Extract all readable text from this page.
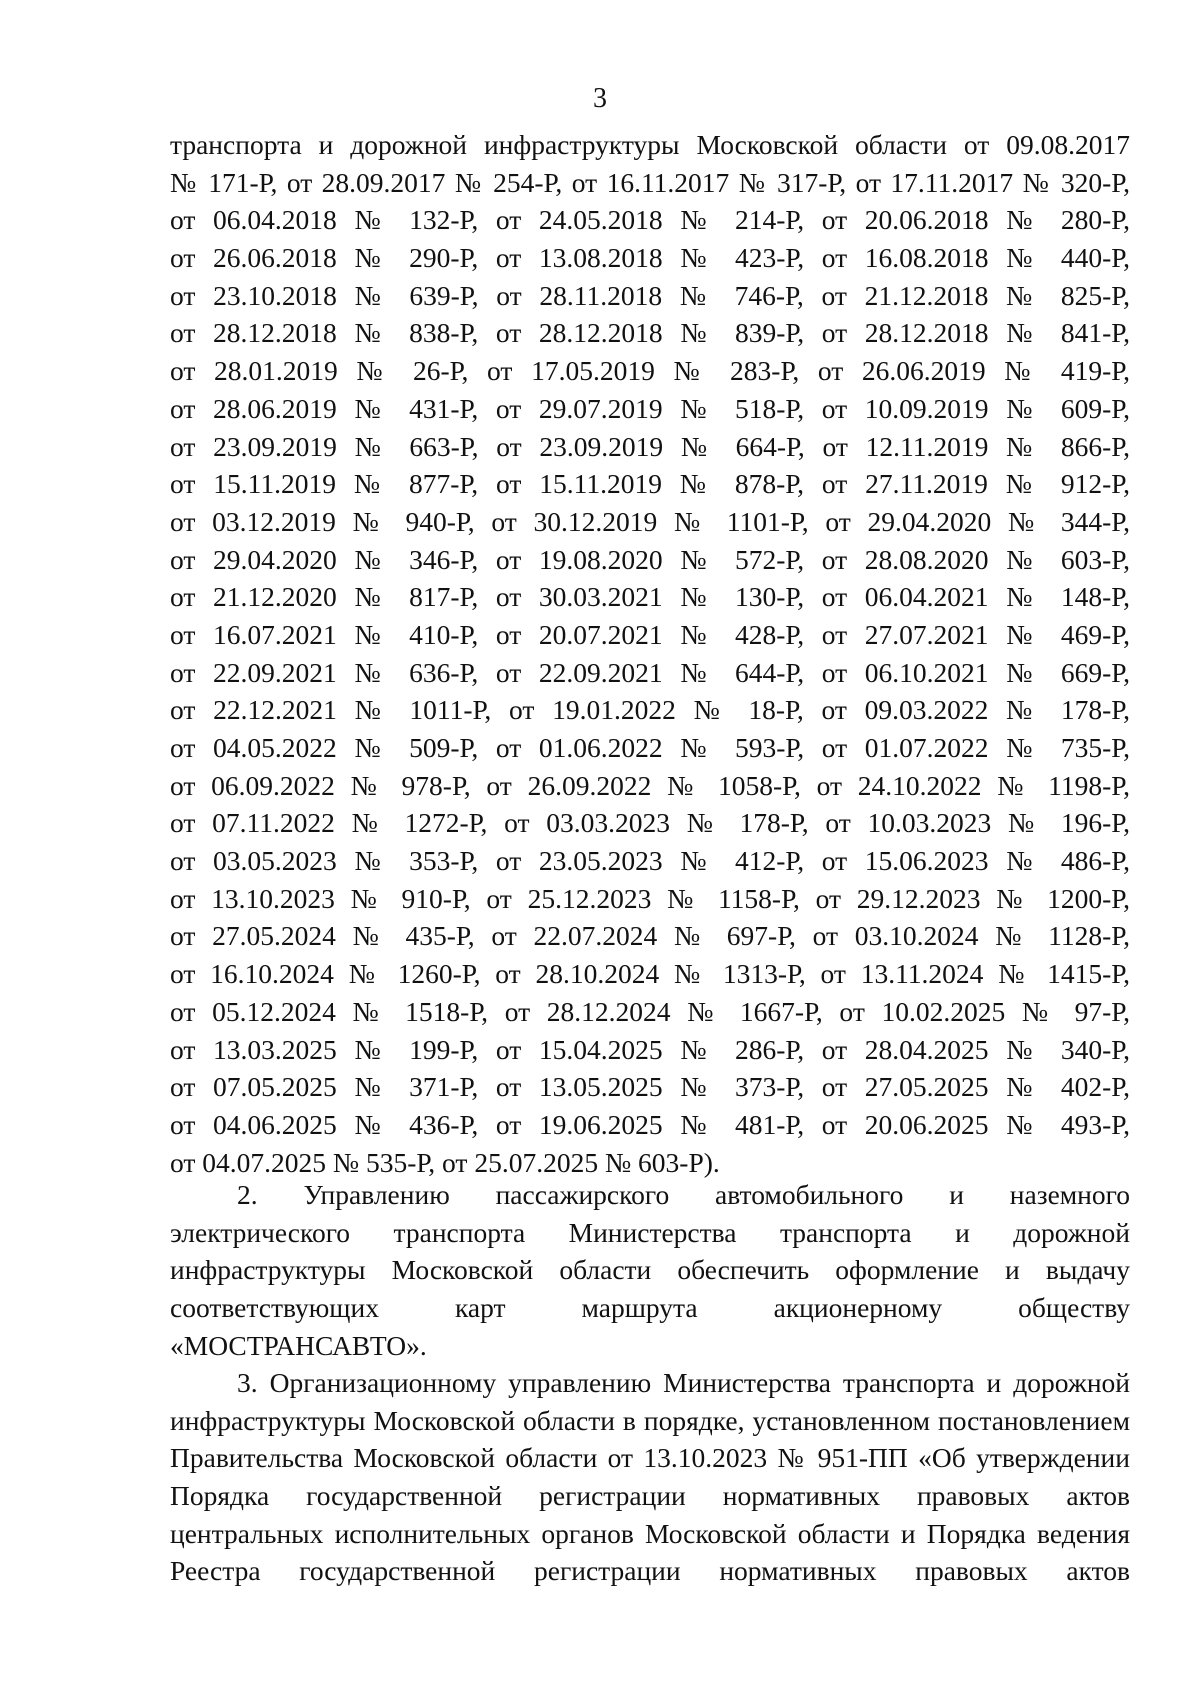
3
транспорта и дорожной инфраструктуры Московской области от 09.08.2017
№ 171-Р, от 28.09.2017 № 254-Р, от 16.11.2017 № 317-Р, от 17.11.2017 № 320-Р,
от 06.04.2018 № 132-Р, от 24.05.2018 № 214-Р, от 20.06.2018 № 280-Р,
от 26.06.2018 № 290-Р, от 13.08.2018 № 423-Р, от 16.08.2018 № 440-Р,
от 23.10.2018 № 639-Р, от 28.11.2018 № 746-Р, от 21.12.2018 № 825-Р,
от 28.12.2018 № 838-Р, от 28.12.2018 № 839-Р, от 28.12.2018 № 841-Р,
от 28.01.2019 № 26-Р, от 17.05.2019 № 283-Р, от 26.06.2019 № 419-Р,
от 28.06.2019 № 431-Р, от 29.07.2019 № 518-Р, от 10.09.2019 № 609-Р,
от 23.09.2019 № 663-Р, от 23.09.2019 № 664-Р, от 12.11.2019 № 866-Р,
от 15.11.2019 № 877-Р, от 15.11.2019 № 878-Р, от 27.11.2019 № 912-Р,
от 03.12.2019 № 940-Р, от 30.12.2019 № 1101-Р, от 29.04.2020 № 344-Р,
от 29.04.2020 № 346-Р, от 19.08.2020 № 572-Р, от 28.08.2020 № 603-Р,
от 21.12.2020 № 817-Р, от 30.03.2021 № 130-Р, от 06.04.2021 № 148-Р,
от 16.07.2021 № 410-Р, от 20.07.2021 № 428-Р, от 27.07.2021 № 469-Р,
от 22.09.2021 № 636-Р, от 22.09.2021 № 644-Р, от 06.10.2021 № 669-Р,
от 22.12.2021 № 1011-Р, от 19.01.2022 № 18-Р, от 09.03.2022 № 178-Р,
от 04.05.2022 № 509-Р, от 01.06.2022 № 593-Р, от 01.07.2022 № 735-Р,
от 06.09.2022 № 978-Р, от 26.09.2022 № 1058-Р, от 24.10.2022 № 1198-Р,
от 07.11.2022 № 1272-Р, от 03.03.2023 № 178-Р, от 10.03.2023 № 196-Р,
от 03.05.2023 № 353-Р, от 23.05.2023 № 412-Р, от 15.06.2023 № 486-Р,
от 13.10.2023 № 910-Р, от 25.12.2023 № 1158-Р, от 29.12.2023 № 1200-Р,
от 27.05.2024 № 435-Р, от 22.07.2024 № 697-Р, от 03.10.2024 № 1128-Р,
от 16.10.2024 № 1260-Р, от 28.10.2024 № 1313-Р, от 13.11.2024 № 1415-Р,
от 05.12.2024 № 1518-Р, от 28.12.2024 № 1667-Р, от 10.02.2025 № 97-Р,
от 13.03.2025 № 199-Р, от 15.04.2025 № 286-Р, от 28.04.2025 № 340-Р,
от 07.05.2025 № 371-Р, от 13.05.2025 № 373-Р, от 27.05.2025 № 402-Р,
от 04.06.2025 № 436-Р, от 19.06.2025 № 481-Р, от 20.06.2025 № 493-Р,
от 04.07.2025 № 535-Р, от 25.07.2025 № 603-Р).
2. Управлению пассажирского автомобильного и наземного
электрического транспорта Министерства транспорта и дорожной
инфраструктуры Московской области обеспечить оформление и выдачу
соответствующих карт маршрута акционерному обществу
«МОСТРАНСАВТО».
3. Организационному управлению Министерства транспорта и дорожной
инфраструктуры Московской области в порядке, установленном постановлением
Правительства Московской области от 13.10.2023 № 951-ПП «Об утверждении
Порядка государственной регистрации нормативных правовых актов
центральных исполнительных органов Московской области и Порядка ведения
Реестра государственной регистрации нормативных правовых актов
